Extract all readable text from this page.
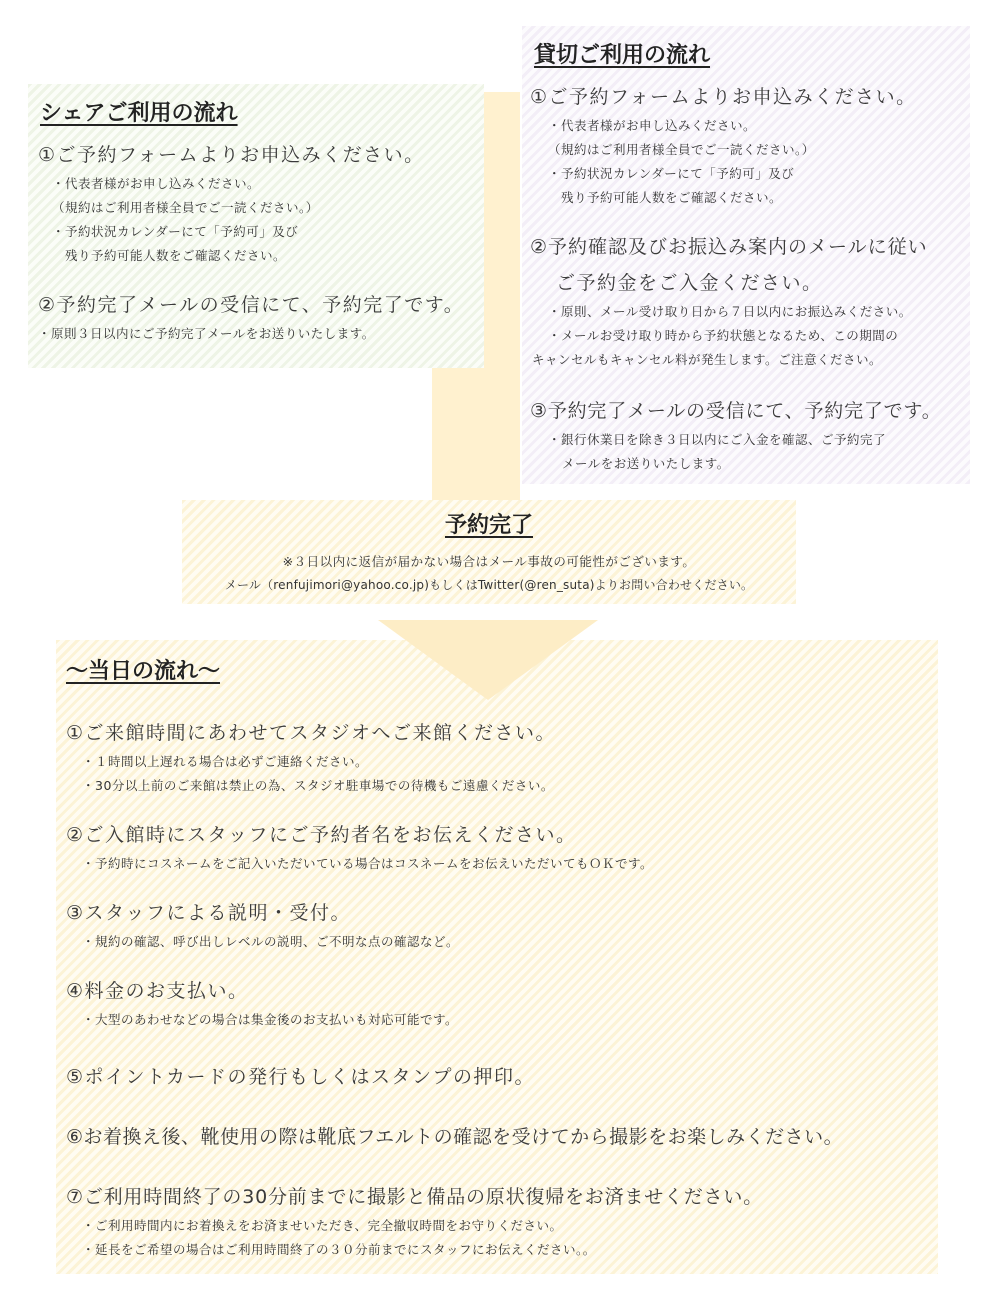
シェアご利用の流れ
①ご予約フォームよりお申込みください。
・代表者様がお申し込みください。
（規約はご利用者様全員でご一読ください。）
・予約状況カレンダーにて「予約可」及び
　残り予約可能人数をご確認ください。
②予約完了メールの受信にて、予約完了です。
・原則３日以内にご予約完了メールをお送りいたします。
貸切ご利用の流れ
①ご予約フォームよりお申込みください。
・代表者様がお申し込みください。
（規約はご利用者様全員でご一読ください。）
・予約状況カレンダーにて「予約可」及び
　残り予約可能人数をご確認ください。
②予約確認及びお振込み案内のメールに従い
ご予約金をご入金ください。
・原則、メール受け取り日から７日以内にお振込みください。
・メールお受け取り時から予約状態となるため、この期間の
キャンセルもキャンセル料が発生します。ご注意ください。
③予約完了メールの受信にて、予約完了です。
・銀行休業日を除き３日以内にご入金を確認、ご予約完了
メールをお送りいたします。
予約完了
※３日以内に返信が届かない場合はメール事故の可能性がございます。
メール（renfujimori@yahoo.co.jp)もしくはTwitter(@ren_suta)よりお問い合わせください。
〜当日の流れ〜
①ご来館時間にあわせてスタジオへご来館ください。
・１時間以上遅れる場合は必ずご連絡ください。
・30分以上前のご来館は禁止の為、スタジオ駐車場での待機もご遠慮ください。
②ご入館時にスタッフにご予約者名をお伝えください。
・予約時にコスネームをご記入いただいている場合はコスネームをお伝えいただいてもＯＫです。
③スタッフによる説明・受付。
・規約の確認、呼び出しレベルの説明、ご不明な点の確認など。
④料金のお支払い。
・大型のあわせなどの場合は集金後のお支払いも対応可能です。
⑤ポイントカードの発行もしくはスタンプの押印。
⑥お着換え後、靴使用の際は靴底フエルトの確認を受けてから撮影をお楽しみください。
⑦ご利用時間終了の30分前までに撮影と備品の原状復帰をお済ませください。
・ご利用時間内にお着換えをお済ませいただき、完全撤収時間をお守りください。
・延長をご希望の場合はご利用時間終了の３０分前までにスタッフにお伝えください。。
